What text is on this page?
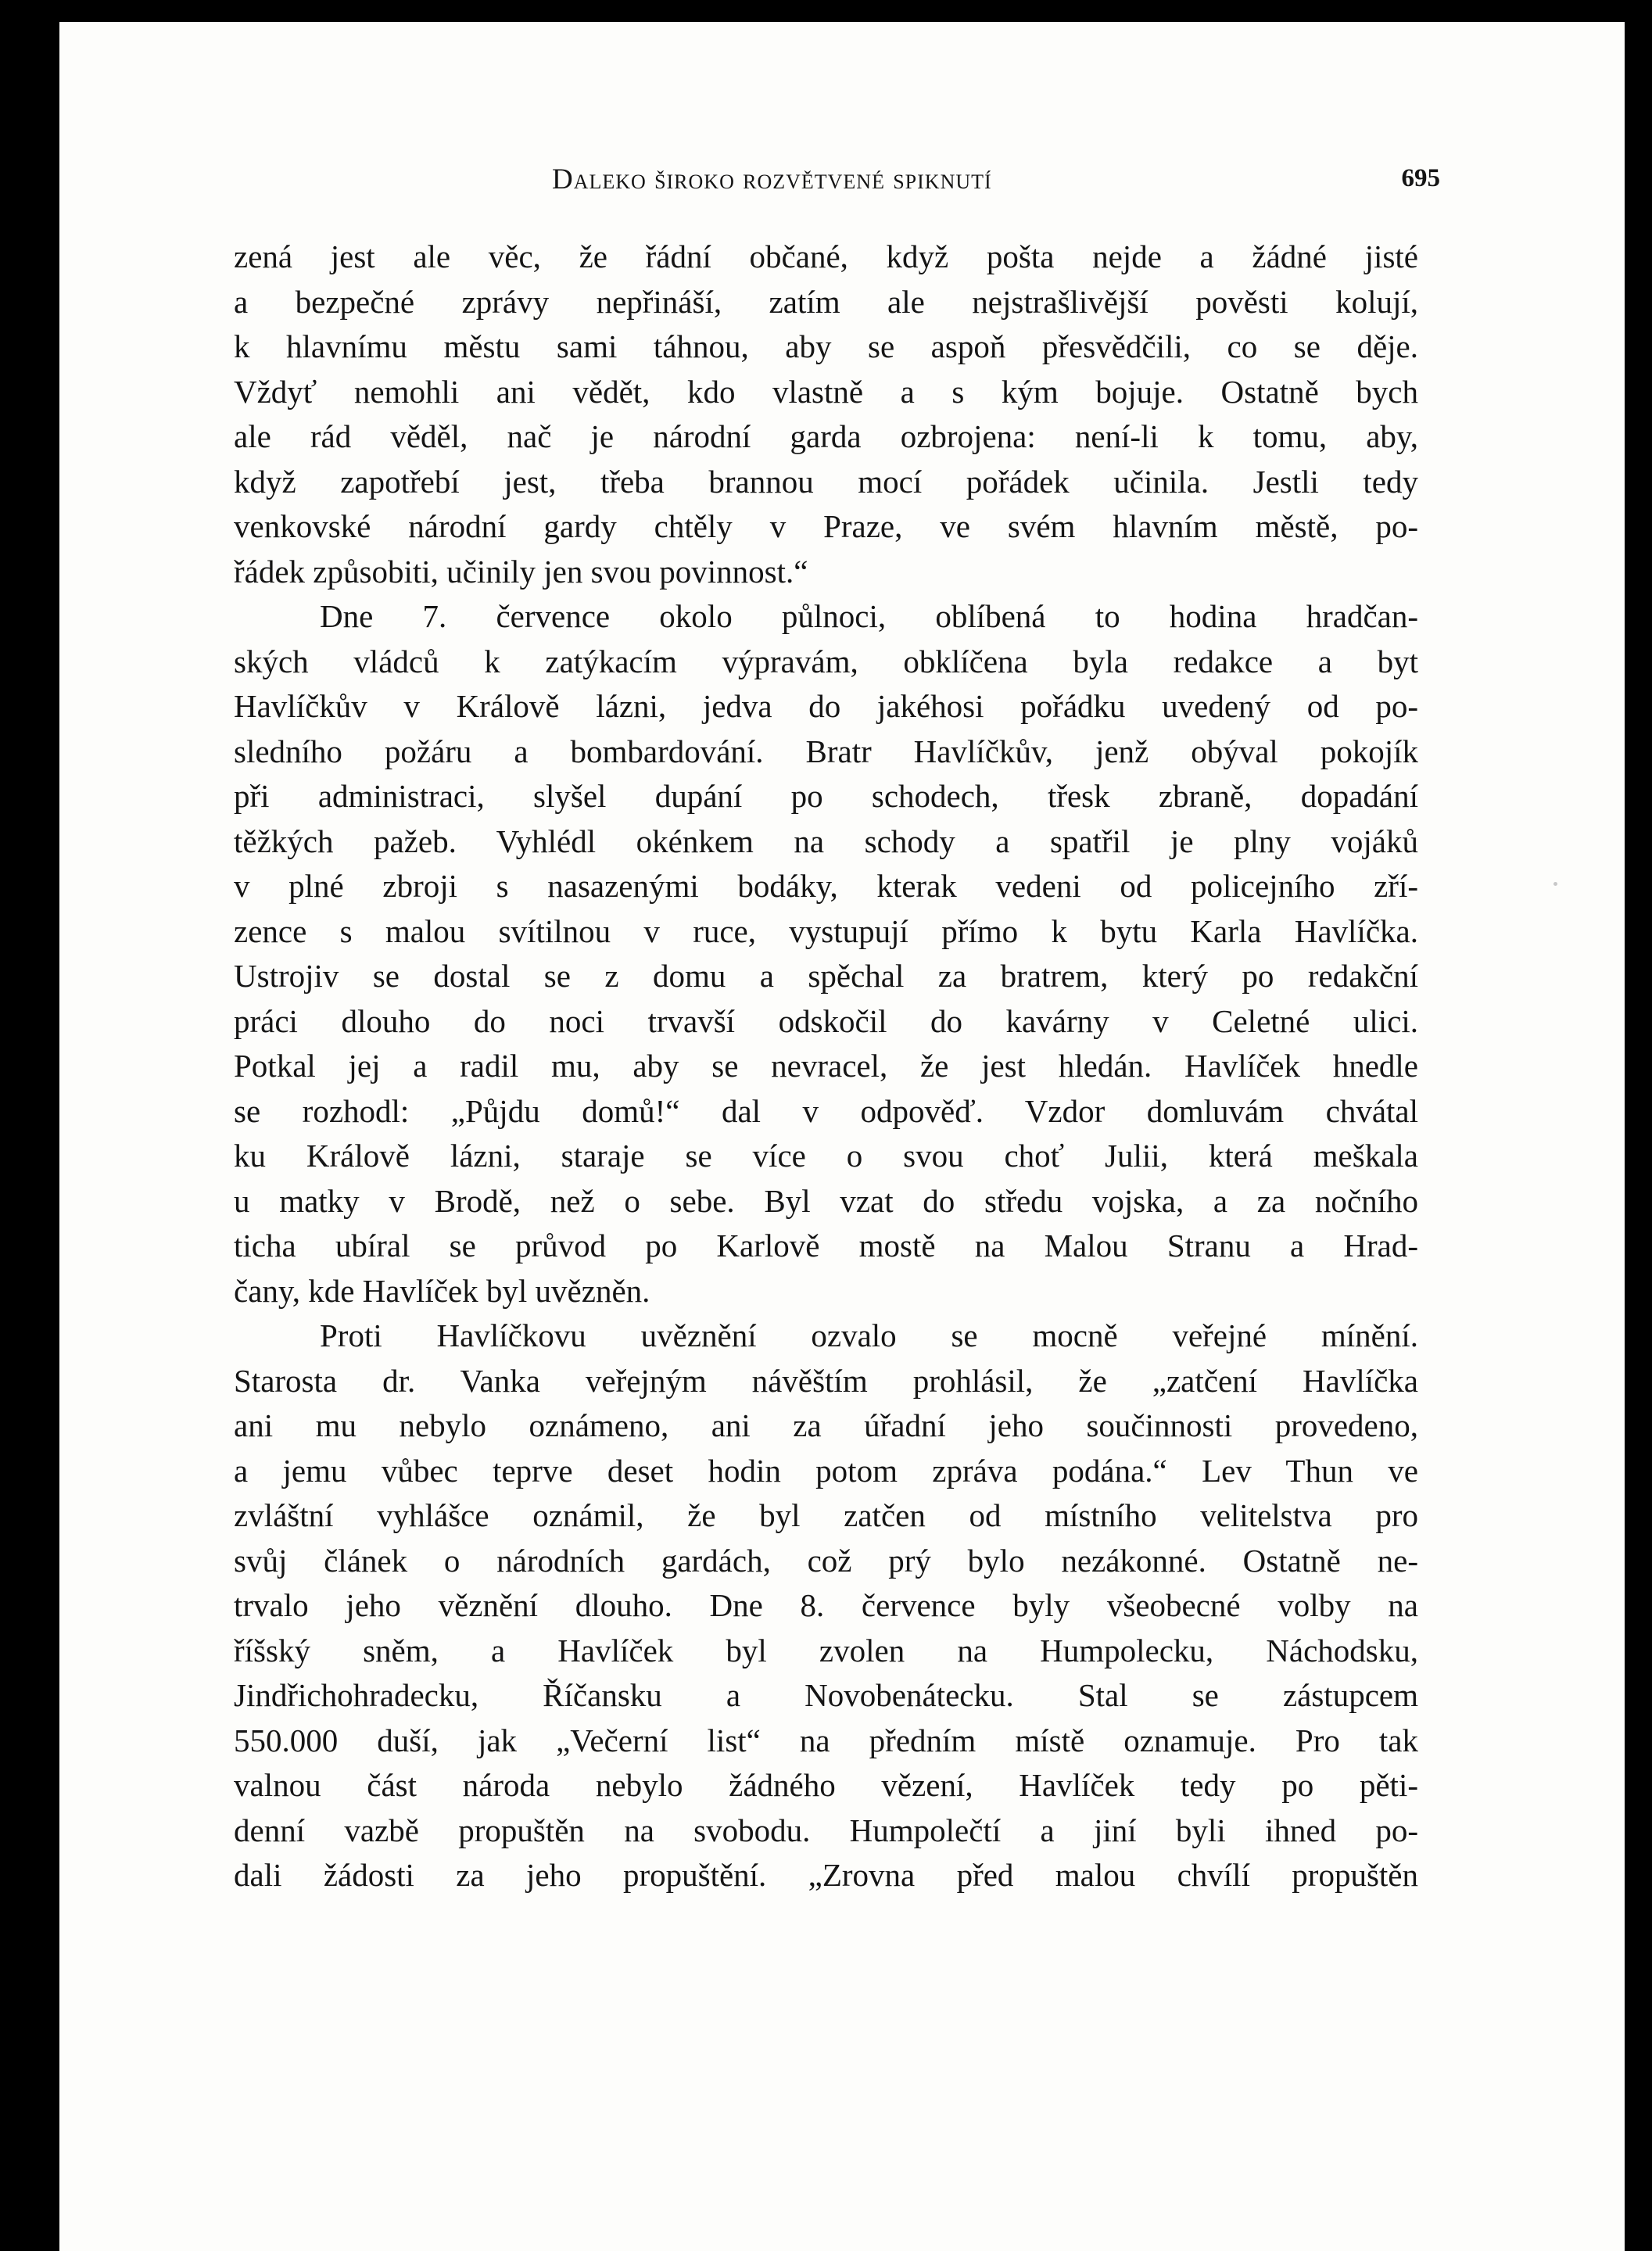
Daleko široko rozvětvené spiknutí	695
zená jest ale věc, že řádní občané, když pošta nejde a žádné jisté
a bezpečné zprávy nepřináší, zatím ale nejstrašlivější pověsti kolují,
k hlavnímu městu sami táhnou, aby se aspoň přesvědčili, co se děje.
Vždyť nemohli ani vědět, kdo vlastně a s kým bojuje. Ostatně bych
ale rád věděl, nač je národní garda ozbrojena: není-li k tomu, aby,
když zapotřebí jest, třeba brannou mocí pořádek učinila. Jestli tedy
venkovské národní gardy chtěly v Praze, ve svém hlavním městě, po-
řádek způsobiti, učinily jen svou povinnost.“
Dne 7. července okolo půlnoci, oblíbená to hodina hradčan-
ských vládců k zatýkacím výpravám, obklíčena byla redakce a byt
Havlíčkův v Králově lázni, jedva do jakéhosi pořádku uvedený od po-
sledního požáru a bombardování. Bratr Havlíčkův, jenž obýval pokojík
při administraci, slyšel dupání po schodech, třesk zbraně, dopadání
těžkých pažeb. Vyhlédl okénkem na schody a spatřil je plny vojáků
v plné zbroji s nasazenými bodáky, kterak vedeni od policejního zří-
zence s malou svítilnou v ruce, vystupují přímo k bytu Karla Havlíčka.
Ustrojiv se dostal se z domu a spěchal za bratrem, který po redakční
práci dlouho do noci trvavší odskočil do kavárny v Celetné ulici.
Potkal jej a radil mu, aby se nevracel, že jest hledán. Havlíček hnedle
se rozhodl: „Půjdu domů!“ dal v odpověď. Vzdor domluvám chvátal
ku Králově lázni, staraje se více o svou choť Julii, která meškala
u matky v Brodě, než o sebe. Byl vzat do středu vojska, a za nočního
ticha ubíral se průvod po Karlově mostě na Malou Stranu a Hrad-
čany, kde Havlíček byl uvězněn.
Proti Havlíčkovu uvěznění ozvalo se mocně veřejné mínění.
Starosta dr. Vanka veřejným návěštím prohlásil, že „zatčení Havlíčka
ani mu nebylo oznámeno, ani za úřadní jeho součinnosti provedeno,
a jemu vůbec teprve deset hodin potom zpráva podána.“ Lev Thun ve
zvláštní vyhlášce oznámil, že byl zatčen od místního velitelstva pro
svůj článek o národních gardách, což prý bylo nezákonné. Ostatně ne-
trvalo jeho věznění dlouho. Dne 8. července byly všeobecné volby na
říšský sněm, a Havlíček byl zvolen na Humpolecku, Náchodsku,
Jindřichohradecku, Říčansku a Novobenátecku. Stal se zástupcem
550.000 duší, jak „Večerní list“ na předním místě oznamuje. Pro tak
valnou část národa nebylo žádného vězení, Havlíček tedy po pěti-
denní vazbě propuštěn na svobodu. Humpolečtí a jiní byli ihned po-
dali žádosti za jeho propuštění. „Zrovna před malou chvílí propuštěn
